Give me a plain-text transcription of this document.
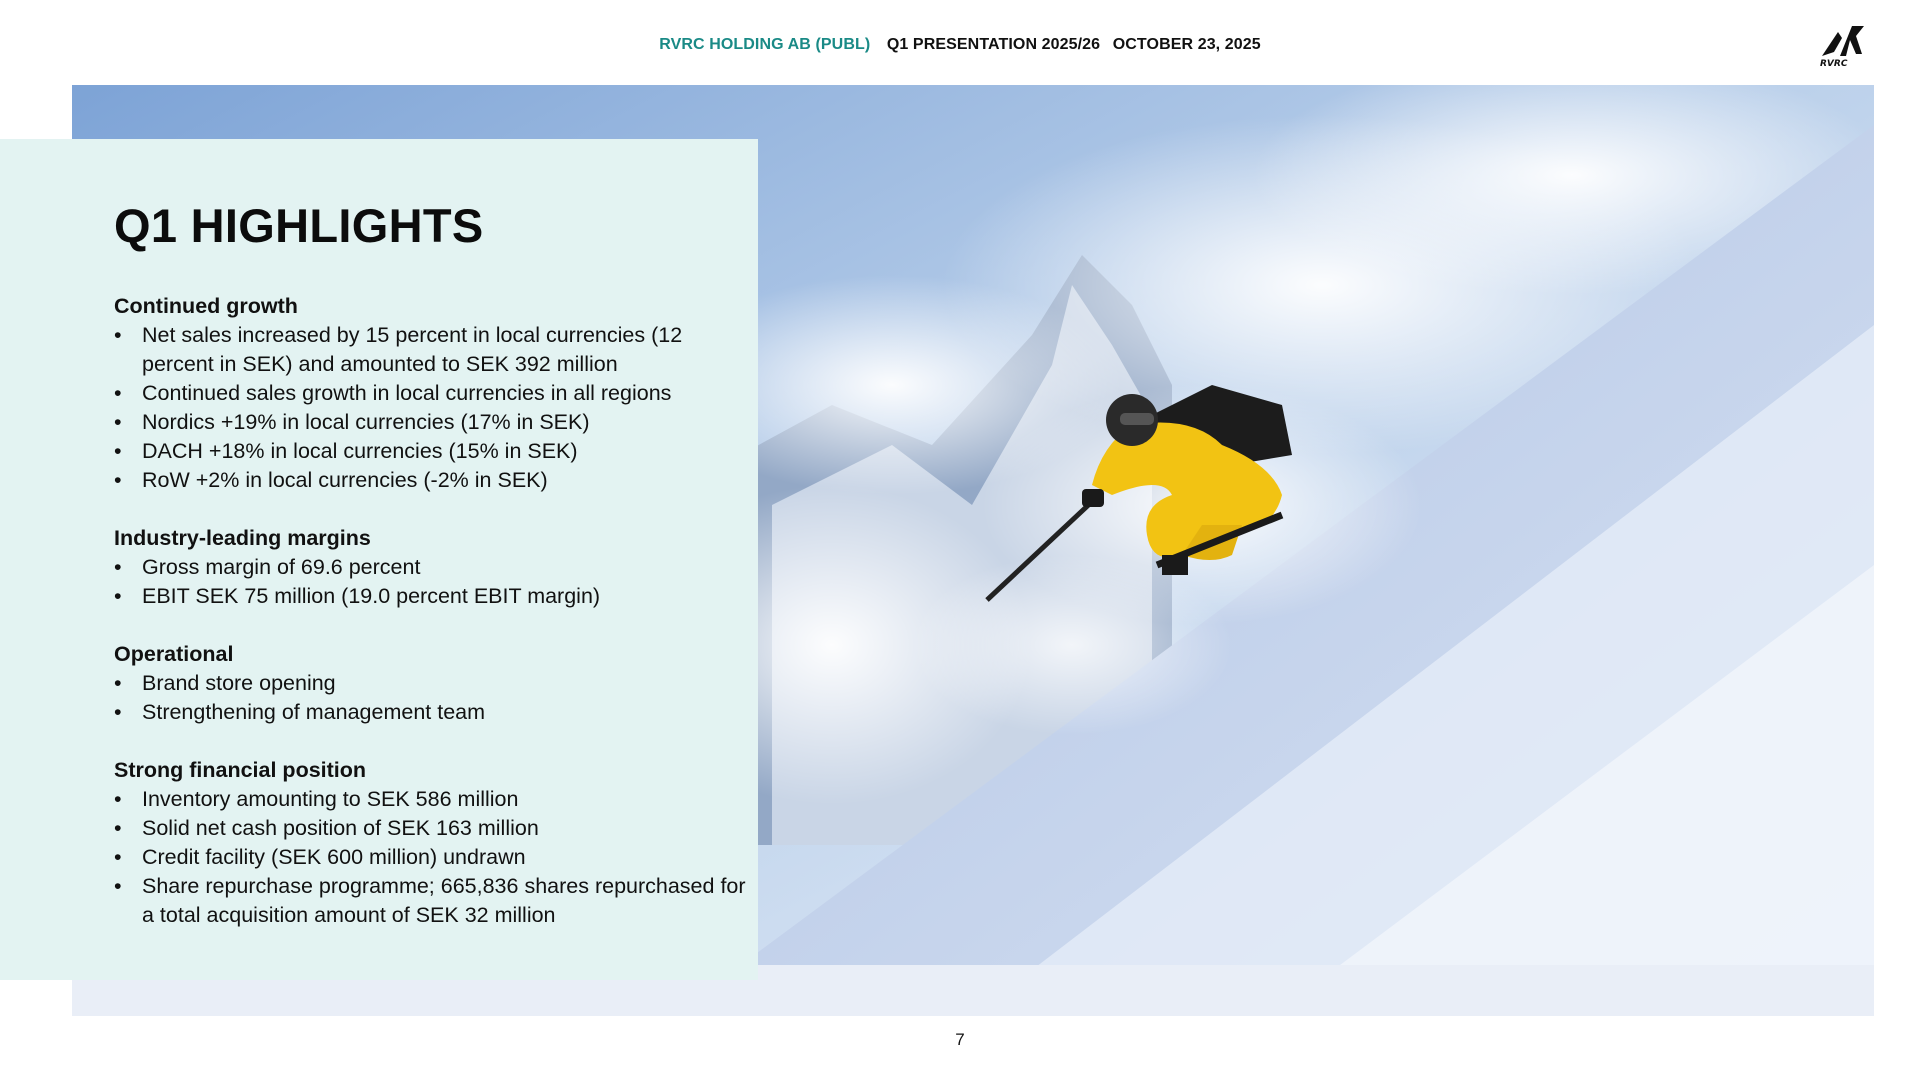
RVRC HOLDING AB (PUBL) Q1 PRESENTATION 2025/26 OCTOBER 23, 2025
RVRC
Q1 HIGHLIGHTS

Continued growth

• Net sales increased by 15 percent in local currencies (12 percent in SEK) and amounted to SEK 392 million
• Continued sales growth in local currencies in all regions
• Nordics +19% in local currencies (17% in SEK)
• DACH +18% in local currencies (15% in SEK)
• RoW +2% in local currencies (-2% in SEK)

Industry-leading margins

• Gross margin of 69.6 percent
• EBIT SEK 75 million (19.0 percent EBIT margin)

Operational

• Brand store opening
• Strengthening of management team

Strong financial position

• Inventory amounting to SEK 586 million
• Solid net cash position of SEK 163 million
• Credit facility (SEK 600 million) undrawn
• Share repurchase programme; 665,836 shares repurchased for a total acquisition amount of SEK 32 million
7
